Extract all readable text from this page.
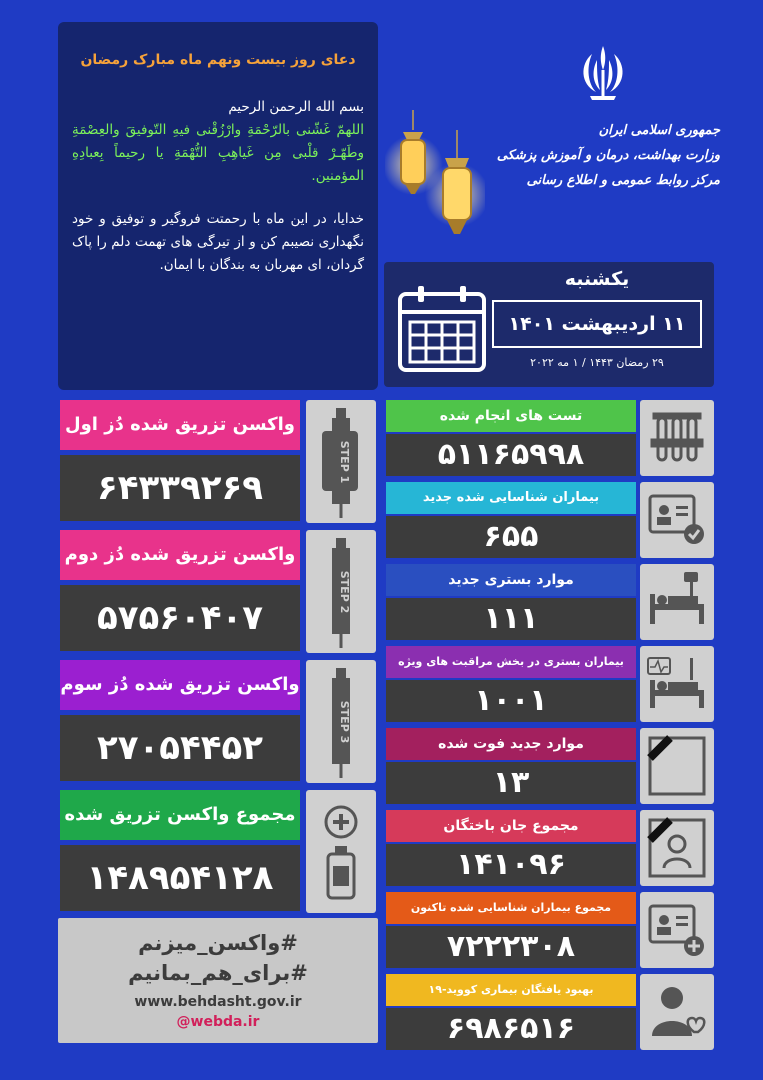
دعای روز بیست ونهم ماه مبارک رمضان
بسم الله الرحمن الرحیم
اللهمّ غَشّنی بالرّحْمَةِ وارْزُقْنی فیهِ التّوفیقَ والعِصْمَةِ وطَهّـرْ قلْبی مِن غَیاهِبِ التُّهْمَةِ یا رحیماً بِعبادِهِ المؤمنین.
خدایا، در این ماه با رحمتت فروگیر و توفیق و خود نگهداری نصیبم کن و از تیرگی های تهمت دلم را پاک گردان، ای مهربان به بندگان با ایمان.
جمهوری اسلامی ایران
وزارت بهداشت، درمان و آموزش پزشکی
مرکز روابط عمومی و اطلاع رسانی
یکشنبه
۱۱ اردیبهشت ۱۴۰۱
۲۹ رمضان ۱۴۴۳ / ۱ مه ۲۰۲۲
واکسن تزریق شده دُز اول
۶۴۳۳۹۲۶۹
STEP 1
واکسن تزریق شده دُز دوم
۵۷۵۶۰۴۰۷
STEP 2
واکسن تزریق شده دُز سوم
۲۷۰۵۴۴۵۲
STEP 3
مجموع واکسن تزریق شده
۱۴۸۹۵۴۱۲۸
#واکسن_میزنم
#برای_هم_بمانیم
www.behdasht.gov.ir
@webda.ir
تست های انجام شده
۵۱۱۶۵۹۹۸
بیماران شناسایی شده جدید
۶۵۵
موارد بستری جدید
۱۱۱
بیماران بستری در بخش مراقبت های ویژه
۱۰۰۱
موارد جدید فوت شده
۱۳
مجموع جان باختگان
۱۴۱۰۹۶
مجموع بیماران شناسایی شده تاکنون
۷۲۲۲۳۰۸
بهبود یافتگان بیماری کووید-۱۹
۶۹۸۶۵۱۶
